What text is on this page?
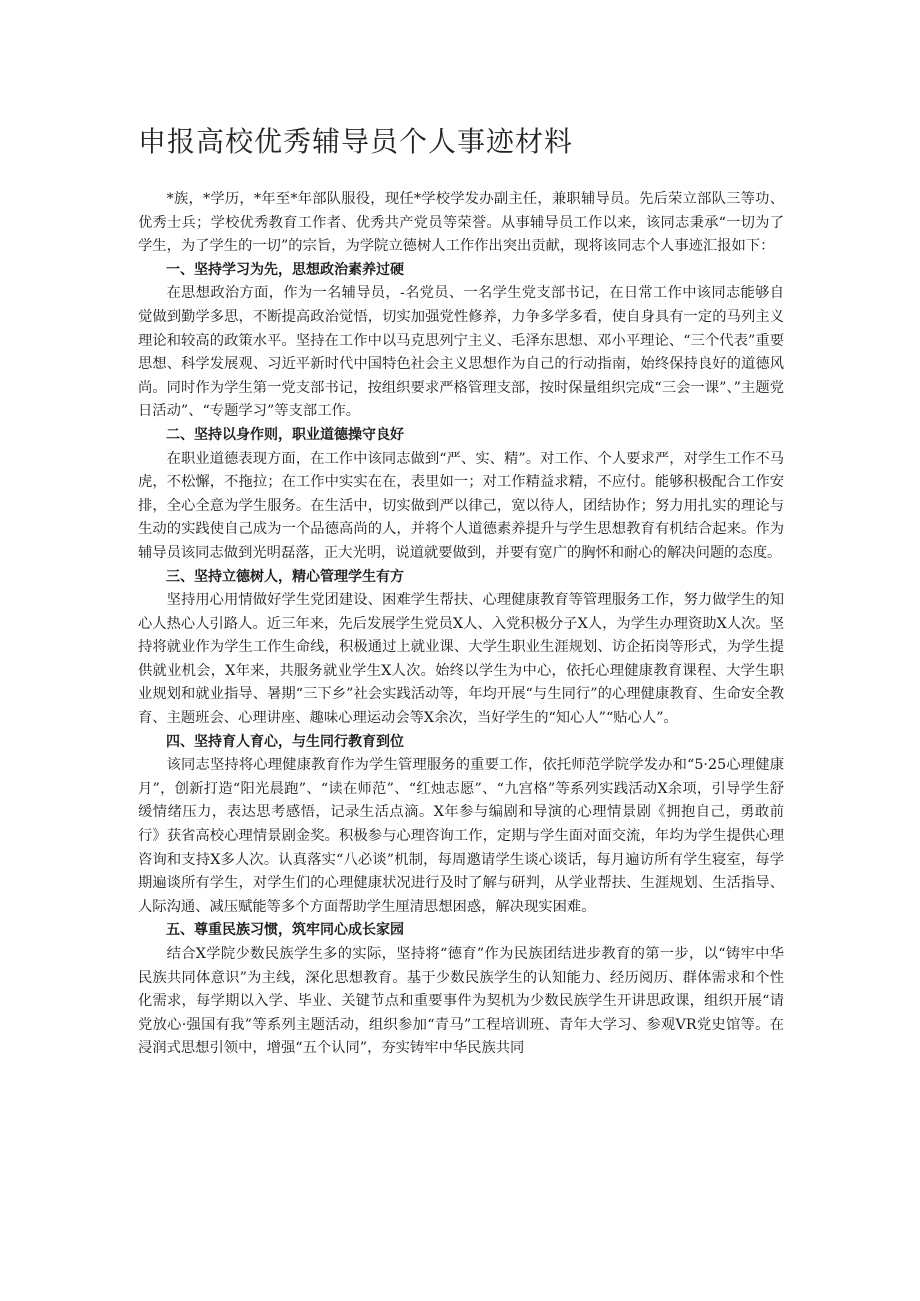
申报高校优秀辅导员个人事迹材料

*族，*学历，*年至*年部队服役，现任*学校学发办副主任，兼职辅导员。先后荣立部队三等功、优秀士兵；学校优秀教育工作者、优秀共产党员等荣誉。从事辅导员工作以来，该同志秉承“一切为了学生，为了学生的一切”的宗旨，为学院立德树人工作作出突出贡献，现将该同志个人事迹汇报如下：

一、坚持学习为先，思想政治素养过硬

在思想政治方面，作为一名辅导员，-名党员、一名学生党支部书记，在日常工作中该同志能够自觉做到勤学多思，不断提高政治觉悟，切实加强党性修养，力争多学多看，使自身具有一定的马列主义理论和较高的政策水平。坚持在工作中以马克思列宁主义、毛泽东思想、邓小平理论、“三个代表”重要思想、科学发展观、习近平新时代中国特色社会主义思想作为自己的行动指南，始终保持良好的道德风尚。同时作为学生第一党支部书记，按组织要求严格管理支部，按时保量组织完成“三会一课”、”主题党日活动”、“专题学习”等支部工作。

二、坚持以身作则，职业道德操守良好

在职业道德表现方面，在工作中该同志做到“严、实、精”。对工作、个人要求严，对学生工作不马虎，不松懈，不拖拉；在工作中实实在在，表里如一；对工作精益求精，不应付。能够积极配合工作安排，全心全意为学生服务。在生活中，切实做到严以律己，宽以待人，团结协作；努力用扎实的理论与生动的实践使自己成为一个品德高尚的人，并将个人道德素养提升与学生思想教育有机结合起来。作为辅导员该同志做到光明磊落，正大光明，说道就要做到，并要有宽广的胸怀和耐心的解决问题的态度。

三、坚持立德树人，精心管理学生有方

坚持用心用情做好学生党团建设、困难学生帮扶、心理健康教育等管理服务工作，努力做学生的知心人热心人引路人。近三年来，先后发展学生党员X人、入党积极分子X人，为学生办理资助X人次。坚持将就业作为学生工作生命线，积极通过上就业课、大学生职业生涯规划、访企拓岗等形式，为学生提供就业机会，X年来，共服务就业学生X人次。始终以学生为中心，依托心理健康教育课程、大学生职业规划和就业指导、暑期“三下乡”社会实践活动等，年均开展“与生同行”的心理健康教育、生命安全教育、主题班会、心理讲座、趣味心理运动会等X余次，当好学生的“知心人”“贴心人”。

四、坚持育人育心，与生同行教育到位

该同志坚持将心理健康教育作为学生管理服务的重要工作，依托师范学院学发办和“5·25心理健康月”，创新打造“阳光晨跑”、“读在师范”、“红烛志愿”、“九宫格”等系列实践活动X余项，引导学生舒缓情绪压力，表达思考感悟，记录生活点滴。X年参与编剧和导演的心理情景剧《拥抱自己，勇敢前行》获省高校心理情景剧金奖。积极参与心理咨询工作，定期与学生面对面交流，年均为学生提供心理咨询和支持X多人次。认真落实“八必谈”机制，每周邀请学生谈心谈话，每月遍访所有学生寝室，每学期遍谈所有学生，对学生们的心理健康状况进行及时了解与研判，从学业帮扶、生涯规划、生活指导、人际沟通、减压赋能等多个方面帮助学生厘清思想困惑，解决现实困难。

五、尊重民族习惯，筑牢同心成长家园

结合X学院少数民族学生多的实际，坚持将“德育”作为民族团结进步教育的第一步，以“铸牢中华民族共同体意识”为主线，深化思想教育。基于少数民族学生的认知能力、经历阅历、群体需求和个性化需求，每学期以入学、毕业、关键节点和重要事件为契机为少数民族学生开讲思政课，组织开展“请党放心·强国有我”等系列主题活动，组织参加“青马”工程培训班、青年大学习、参观VR党史馆等。在浸润式思想引领中，增强“五个认同”，夯实铸牢中华民族共同
